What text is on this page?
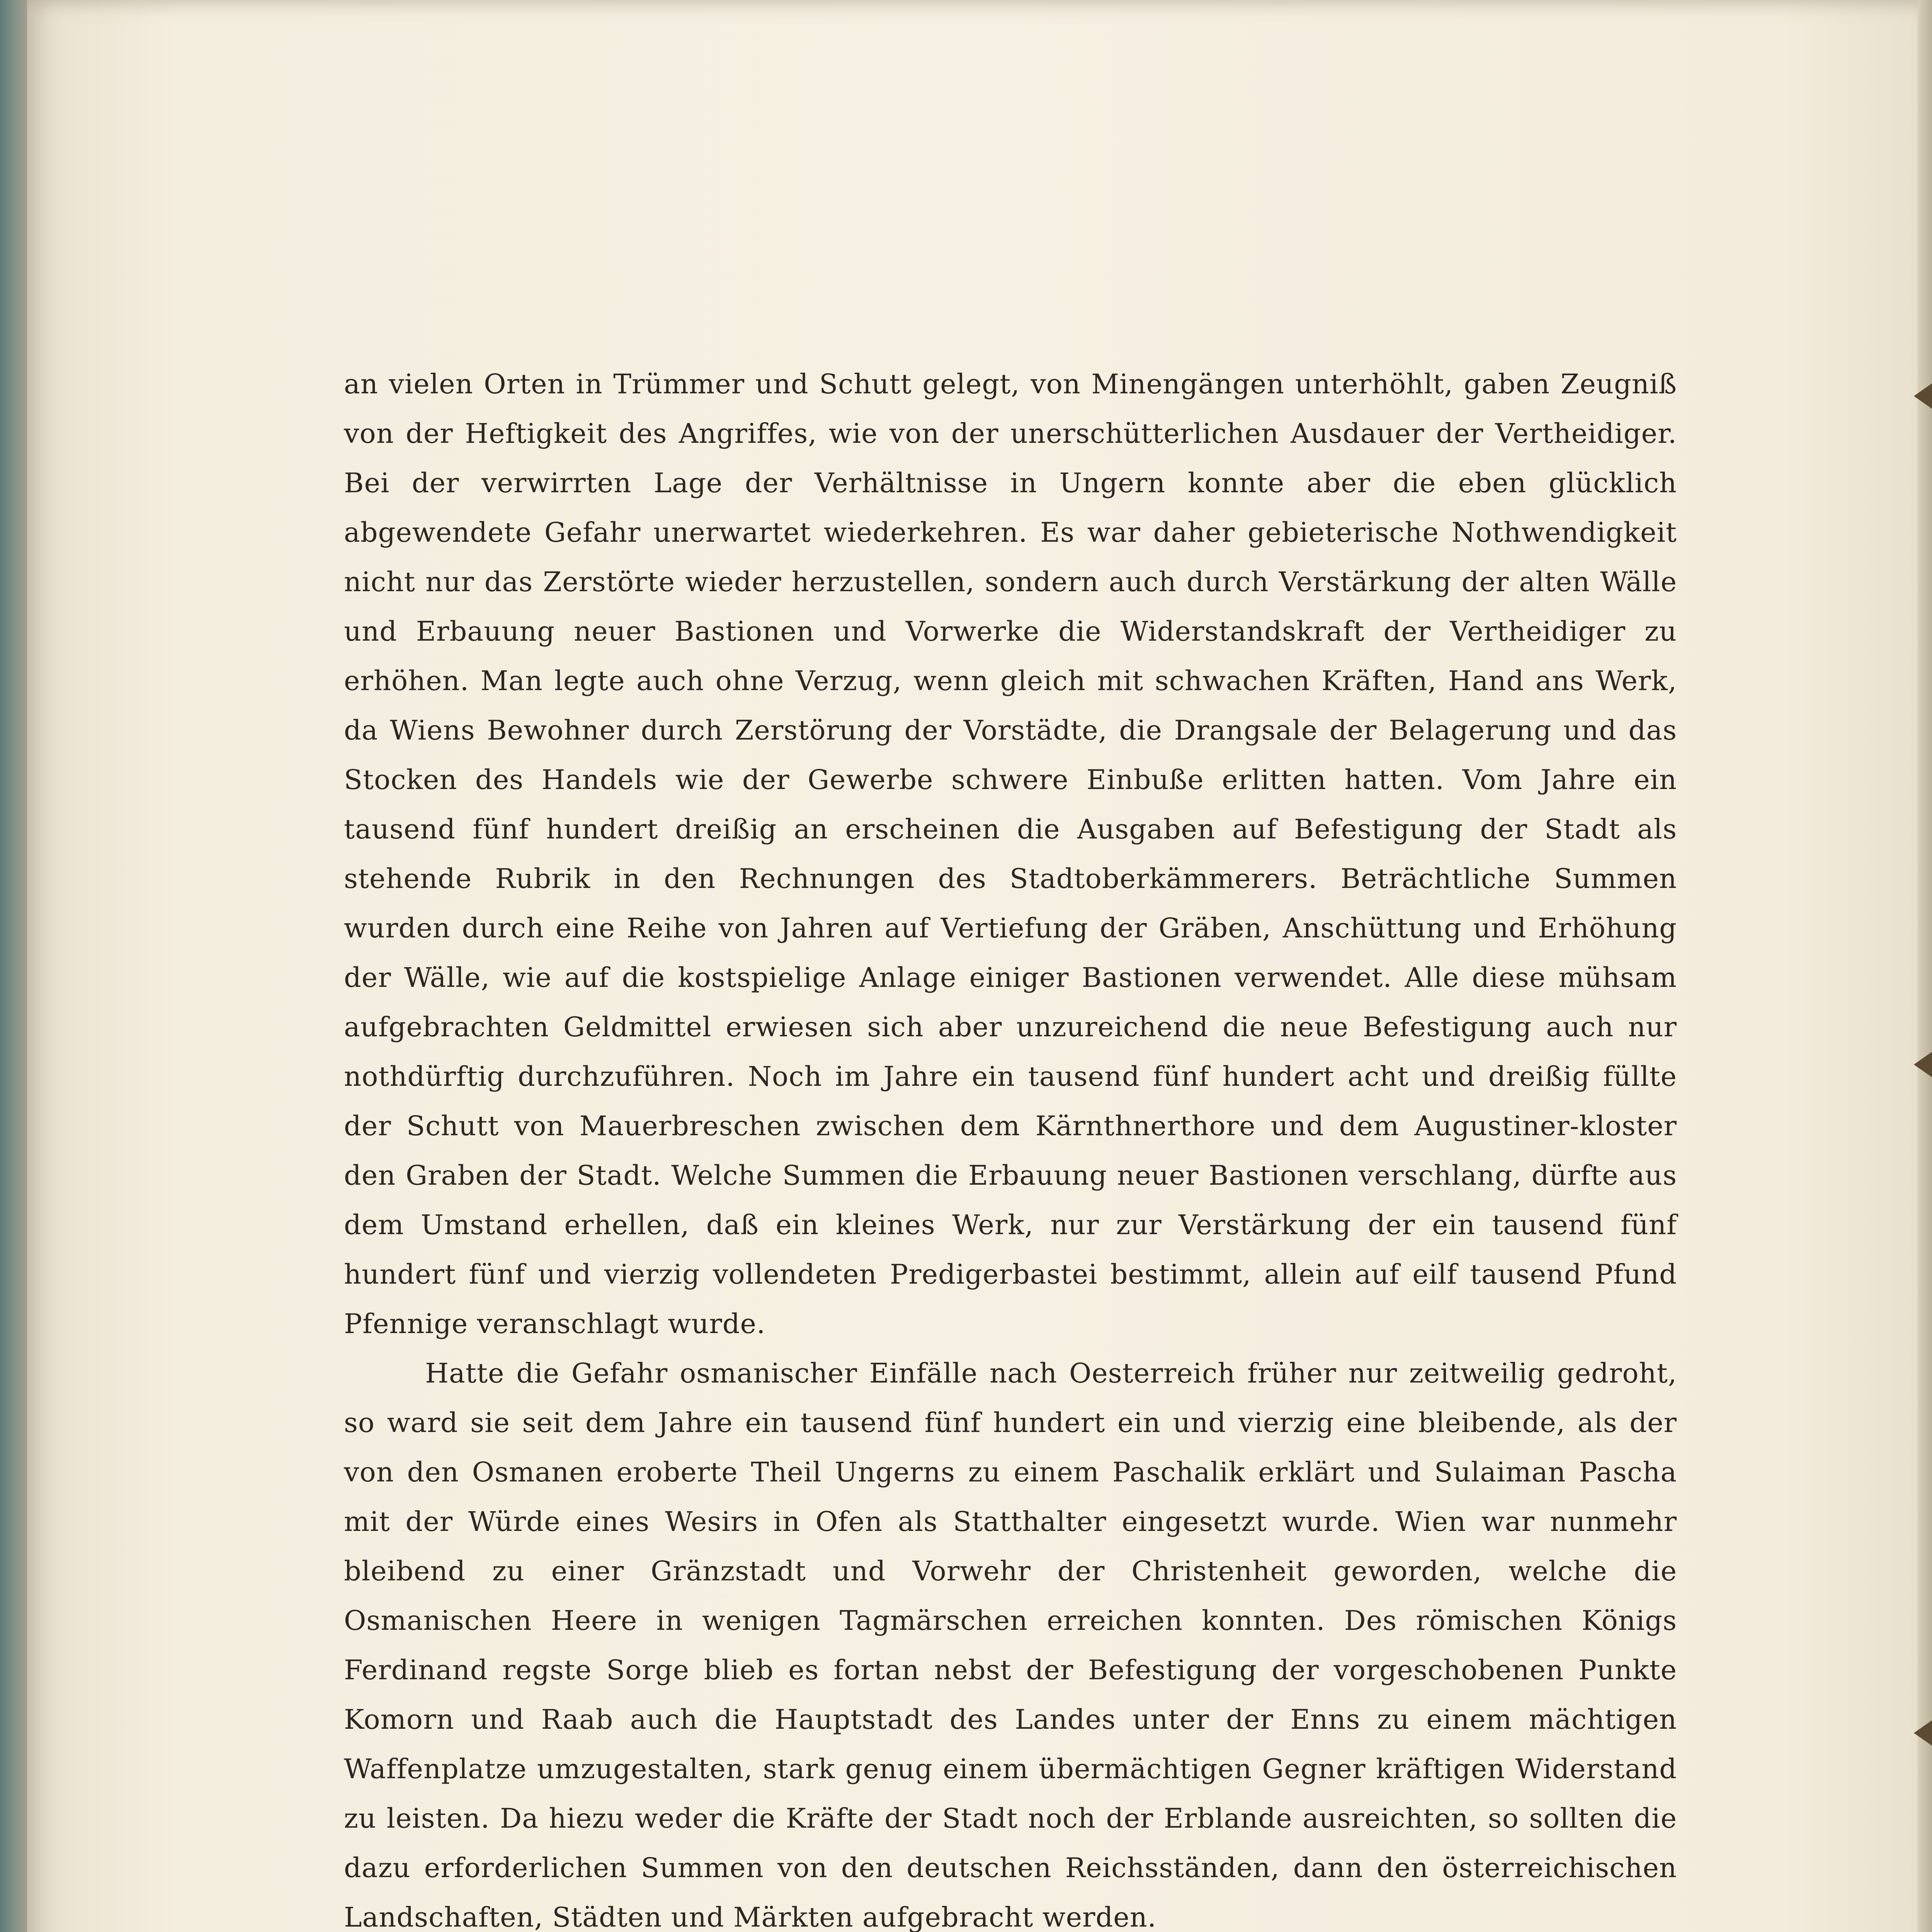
an vielen Orten in Trümmer und Schutt gelegt, von Minengängen unterhöhlt, gaben Zeugniß von der Heftigkeit des Angriffes, wie von der unerschütterlichen Ausdauer der Vertheidiger. Bei der verwirrten Lage der Verhältnisse in Ungern konnte aber die eben glücklich abgewendete Gefahr unerwartet wiederkehren. Es war daher gebieterische Nothwendigkeit nicht nur das Zerstörte wieder herzustellen, sondern auch durch Verstärkung der alten Wälle und Erbauung neuer Bastionen und Vorwerke die Widerstandskraft der Vertheidiger zu erhöhen. Man legte auch ohne Verzug, wenn gleich mit schwachen Kräften, Hand ans Werk, da Wiens Bewohner durch Zerstörung der Vorstädte, die Drangsale der Belagerung und das Stocken des Handels wie der Gewerbe schwere Einbuße erlitten hatten. Vom Jahre ein tausend fünf hundert dreißig an erscheinen die Ausgaben auf Befestigung der Stadt als stehende Rubrik in den Rechnungen des Stadtoberkämmerers. Beträchtliche Summen wurden durch eine Reihe von Jahren auf Vertiefung der Gräben, Anschüttung und Erhöhung der Wälle, wie auf die kostspielige Anlage einiger Bastionen verwendet. Alle diese mühsam aufgebrachten Geldmittel erwiesen sich aber unzureichend die neue Befestigung auch nur nothdürftig durchzuführen. Noch im Jahre ein tausend fünf hundert acht und dreißig füllte der Schutt von Mauerbreschen zwischen dem Kärnthnerthore und dem Augustiner-kloster den Graben der Stadt. Welche Summen die Erbauung neuer Bastionen verschlang, dürfte aus dem Umstand erhellen, daß ein kleines Werk, nur zur Verstärkung der ein tausend fünf hundert fünf und vierzig vollendeten Predigerbastei bestimmt, allein auf eilf tausend Pfund Pfennige veranschlagt wurde.

Hatte die Gefahr osmanischer Einfälle nach Oesterreich früher nur zeitweilig gedroht, so ward sie seit dem Jahre ein tausend fünf hundert ein und vierzig eine bleibende, als der von den Osmanen eroberte Theil Ungerns zu einem Paschalik erklärt und Sulaiman Pascha mit der Würde eines Wesirs in Ofen als Statthalter eingesetzt wurde. Wien war nunmehr bleibend zu einer Gränzstadt und Vorwehr der Christenheit geworden, welche die Osmanischen Heere in wenigen Tagmärschen erreichen konnten. Des römischen Königs Ferdinand regste Sorge blieb es fortan nebst der Befestigung der vorgeschobenen Punkte Komorn und Raab auch die Hauptstadt des Landes unter der Enns zu einem mächtigen Waffenplatze umzugestalten, stark genug einem übermächtigen Gegner kräftigen Widerstand zu leisten. Da hiezu weder die Kräfte der Stadt noch der Erblande ausreichten, so sollten die dazu erforderlichen Summen von den deutschen Reichsständen, dann den österreichischen Landschaften, Städten und Märkten aufgebracht werden.
